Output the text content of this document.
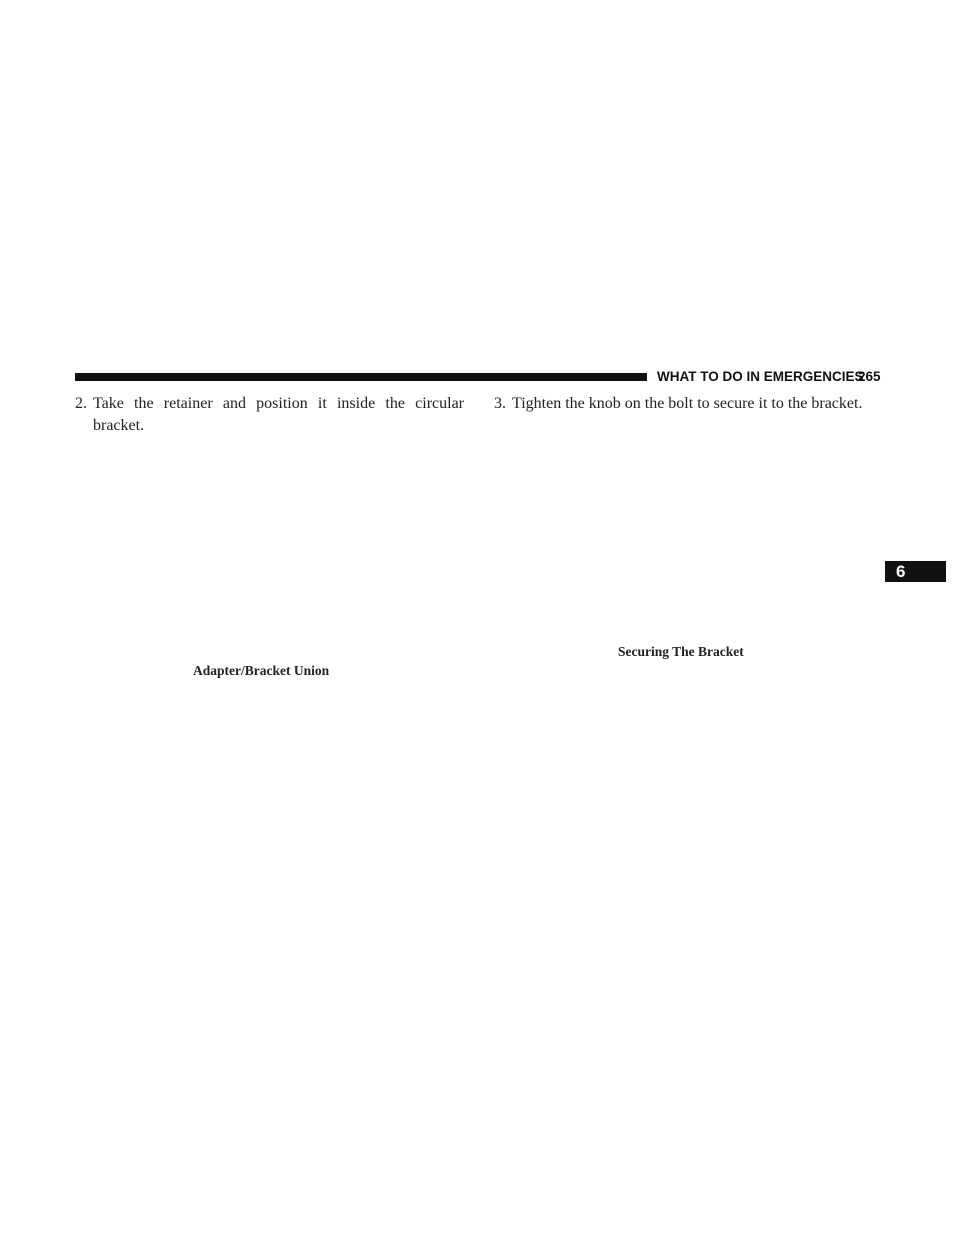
WHAT TO DO IN EMERGENCIES
265
2. Take the retainer and position it inside the circular
bracket.
3. Tighten the knob on the bolt to secure it to the bracket.
Adapter/Bracket Union
Securing The Bracket
6
